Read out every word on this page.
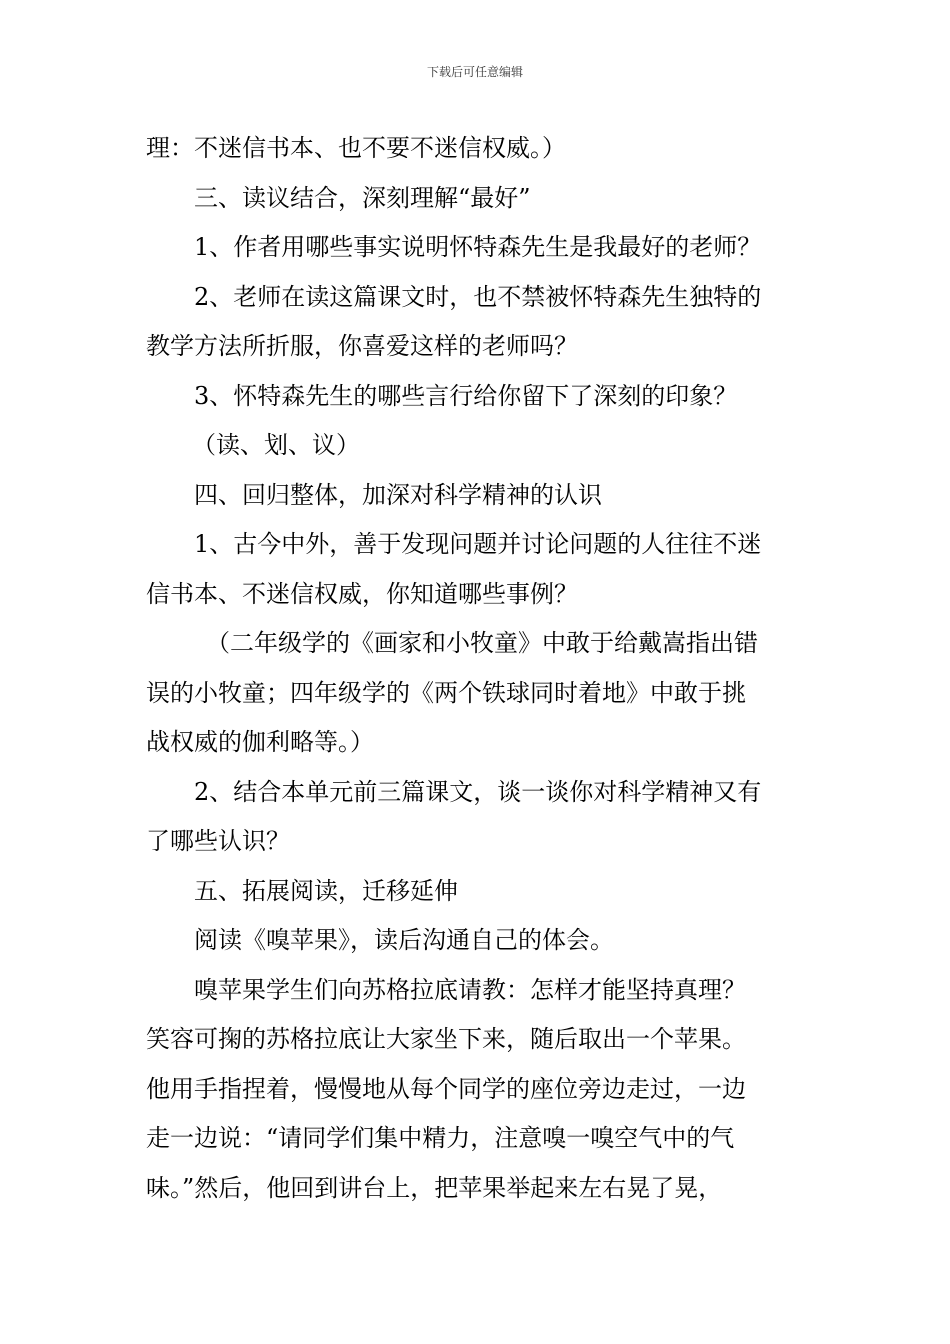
下载后可任意编辑
理：不迷信书本、也不要不迷信权威。）
三、读议结合，深刻理解“最好”
1、作者用哪些事实说明怀特森先生是我最好的老师？
2、老师在读这篇课文时，也不禁被怀特森先生独特的
教学方法所折服，你喜爱这样的老师吗？
3、怀特森先生的哪些言行给你留下了深刻的印象？
（读、划、议）
四、回归整体，加深对科学精神的认识
1、古今中外，善于发现问题并讨论问题的人往往不迷
信书本、不迷信权威，你知道哪些事例？
（二年级学的《画家和小牧童》中敢于给戴嵩指出错
误的小牧童；四年级学的《两个铁球同时着地》中敢于挑
战权威的伽利略等。）
2、结合本单元前三篇课文，谈一谈你对科学精神又有
了哪些认识？
五、拓展阅读，迁移延伸
阅读《嗅苹果》，读后沟通自己的体会。
嗅苹果学生们向苏格拉底请教：怎样才能坚持真理？
笑容可掬的苏格拉底让大家坐下来，随后取出一个苹果。
他用手指捏着，慢慢地从每个同学的座位旁边走过，一边
走一边说：“请同学们集中精力，注意嗅一嗅空气中的气
味。”然后，他回到讲台上，把苹果举起来左右晃了晃，
